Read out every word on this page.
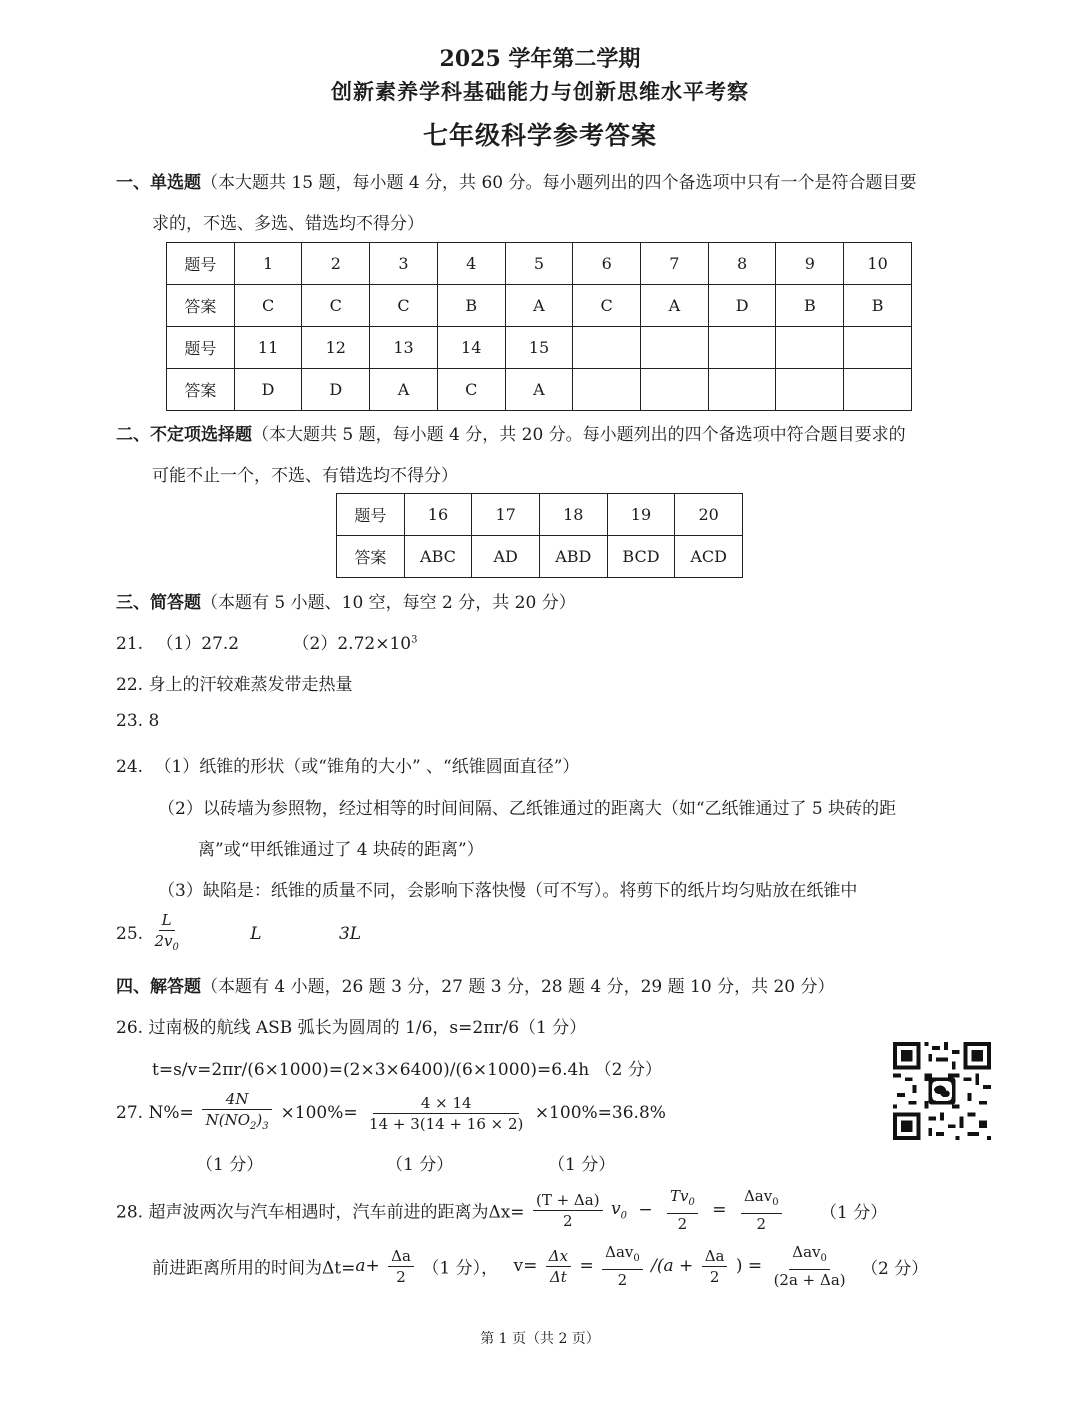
2025 学年第二学期
创新素养学科基础能力与创新思维水平考察
七年级科学参考答案
一、单选题（本大题共 15 题，每小题 4 分，共 60 分。每小题列出的四个备选项中只有一个是符合题目要
求的，不选、多选、错选均不得分）
题号	1	2	3	4	5	6	7	8	9	10
答案	C	C	C	B	A	C	A	D	B	B
题号	11	12	13	14	15					
答案	D	D	A	C	A					
二、不定项选择题（本大题共 5 题，每小题 4 分，共 20 分。每小题列出的四个备选项中符合题目要求的
可能不止一个，不选、有错选均不得分）
题号	16	17	18	19	20
答案	ABC	AD	ABD	BCD	ACD
三、简答题（本题有 5 小题、10 空，每空 2 分，共 20 分）
21. （1）27.2	$(2)2.72\times 10^3$
22. 身上的汗较难蒸发带走热量
23. 8
24. （1）纸锥的形状（或“锥角的大小” 、“纸锥圆面直径”）
（2）以砖墙为参照物，经过相等的时间间隔、乙纸锥通过的距离大（如“乙纸锥通过了 5 块砖的距
离”或“甲纸锥通过了 4 块砖的距离”）
（3）缺陷是：纸锥的质量不同，会影响下落快慢（可不写）。将剪下的纸片均匀贴放在纸锥中
25. $\frac{L}{2v_0}$	L	3L
四、解答题（本题有 4 小题，26 题 3 分，27 题 3 分，28 题 4 分，29 题 10 分，共 20 分）
26. 过南极的航线 ASB 弧长为圆周的 1/6，s=2πr/6（1 分）
t=s/v=2πr/(6×1000)=(2×3×6400)/(6×1000)=6.4h （2 分）
27. $N\%= \frac{4N}{N(NO_2)_3} \times 100\%= \frac{4 \times 14}{14 + 3(14 + 16 \times 2)} \times 100\%=36.8\%$
（1 分）	（1 分）	（1 分）
28. 超声波两次与汽车相遇时，汽车前进的距离为$\Delta x= \frac{(T + \Delta a)}{2} v_0 - \frac{Tv_0}{2} = \frac{\Delta av_0}{2} (1$ 分）
前进距离所用的时间为$\Delta t=a+ \frac{\Delta a}{2} (1$ 分）， $v= \frac{\Delta x}{\Delta t} = \frac{\Delta av_0}{2} /(a + \frac{\Delta a}{2}$ ) = $\frac{\Delta av_0}{(2a + \Delta a)} (2$ 分）
第 1 页（共 2 页）
